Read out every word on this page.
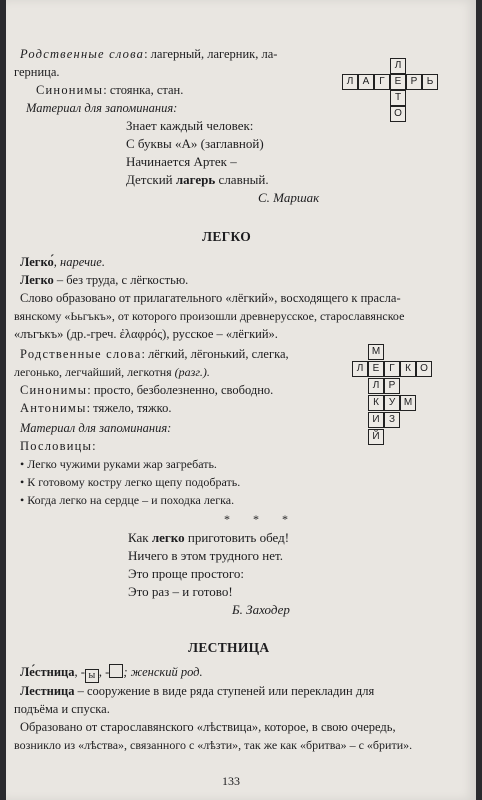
Родственные слова: лагерный, лагерник, ла-
герница.
Синонимы: стоянка, стан.
Материал для запоминания:
Знает каждый человек:
С буквы «А» (заглавной)
Начинается Артек –
Детский лагерь славный.
С. Маршак
Л
Л А Г Е Р Ь
Т
О
ЛЕГКО
Легко́, наречие.
Легко – без труда, с лёгкостью.
Слово образовано от прилагательного «лёгкий», восходящего к праcла-
вянскому «Ььгъкъ», от которого произошли древнерусское, старославянское
«лъгъкъ» (др.-греч. ἐλαφρός), русское – «лёгкий».
Родственные слова: лёгкий, лёгонький, слегка,
легонько, легчайший, легкотня (разг.).
Синонимы: просто, безболезненно, свободно.
Антонимы: тяжело, тяжко.
Материал для запоминания:
Пословицы:
• Легко чужими руками жар загребать.
• К готовому костру легко щепу подобрать.
• Когда легко на сердце – и походка легка.
М
Л Е Г	К О
Л Р
К У М
И З
Й
* * *
Как легко приготовить обед!
Ничего в этом трудного нет.
Это проще простого:
Это раз – и готово!
Б. Заходер
ЛЕСТНИЦА
Ле́стница, - ы , - ; женский род.
Лестница – сооружение в виде ряда ступеней или перекладин для
подъёма и спуска.
Образовано от старославянского «лѣствица», которое, в свою очередь,
возникло из «лѣства», связанного с «лѣзти», так же как «бритва» – с «брити».
133
